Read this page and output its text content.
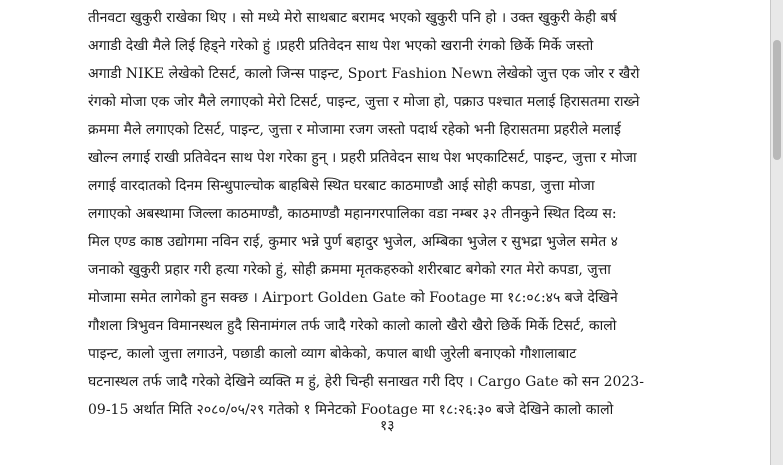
तीनवटा खुकुरी राखेका थिए । सो मध्ये मेरो साथबाट बरामद भएको खुकुरी पनि हो । उक्त खुकुरी केही बर्ष
अगाडी देखी मैले लिई हिड्ने गरेको हुं ।प्रहरी प्रतिवेदन साथ पेश भएको खरानी रंगको छिर्के मिर्के जस्तो
अगाडी NIKE लेखेको टिसर्ट, कालो जिन्स पाइन्ट, Sport Fashion Newn लेखेको जुत्त एक जोर र खैरो
रंगको मोजा एक जोर मैले लगाएको मेरो टिसर्ट, पाइन्ट, जुत्ता र मोजा हो, पक्राउ पश्चात मलाई हिरासतमा राख्ने
क्रममा मैले लगाएको टिसर्ट, पाइन्ट, जुत्ता र मोजामा रजग जस्तो पदार्थ रहेको भनी हिरासतमा प्रहरीले मलाई
खोल्न लगाई राखी प्रतिवेदन साथ पेश गरेका हुन् । प्रहरी प्रतिवेदन साथ पेश भएकाटिसर्ट, पाइन्ट, जुत्ता र मोजा
लगाई वारदातको दिनम सिन्धुपाल्चोक बाहबिसे स्थित घरबाट काठमाण्डौ आई सोही कपडा, जुत्ता मोजा
लगाएको अबस्थामा जिल्ला काठमाण्डौ, काठमाण्डौ महानगरपालिका वडा नम्बर ३२ तीनकुने स्थित दिव्य स:
मिल एण्ड काष्ठ उद्योगमा नविन राई, कुमार भन्ने पुर्ण बहादुर भुजेल, अम्बिका भुजेल र सुभद्रा भुजेल समेत ४
जनाको खुकुरी प्रहार गरी हत्या गरेको हुं, सोही क्रममा मृतकहरुको शरीरबाट बगेको रगत मेरो कपडा, जुत्ता
मोजामा समेत लागेको हुन सक्छ । Airport Golden Gate को Footage मा १८:०८:४५ बजे देखिने
गौशला त्रिभुवन विमानस्थल हुदै सिनामंगल तर्फ जादै गरेको कालो कालो खैरो खैरो छिर्के मिर्के टिसर्ट, कालो
पाइन्ट, कालो जुत्ता लगाउने, पछाडी कालो व्याग बोकेको, कपाल बाधी जुरेली बनाएको गौशालाबाट
घटनास्थल तर्फ जादै गरेको देखिने व्यक्ति म हुं, हेरी चिन्ही सनाखत गरी दिए । Cargo Gate को सन 2023-
09-15 अर्थात मिति २०८०/०५/२९ गतेको १ मिनेटको Footage मा १८:२६:३० बजे देखिने कालो कालो
१३
